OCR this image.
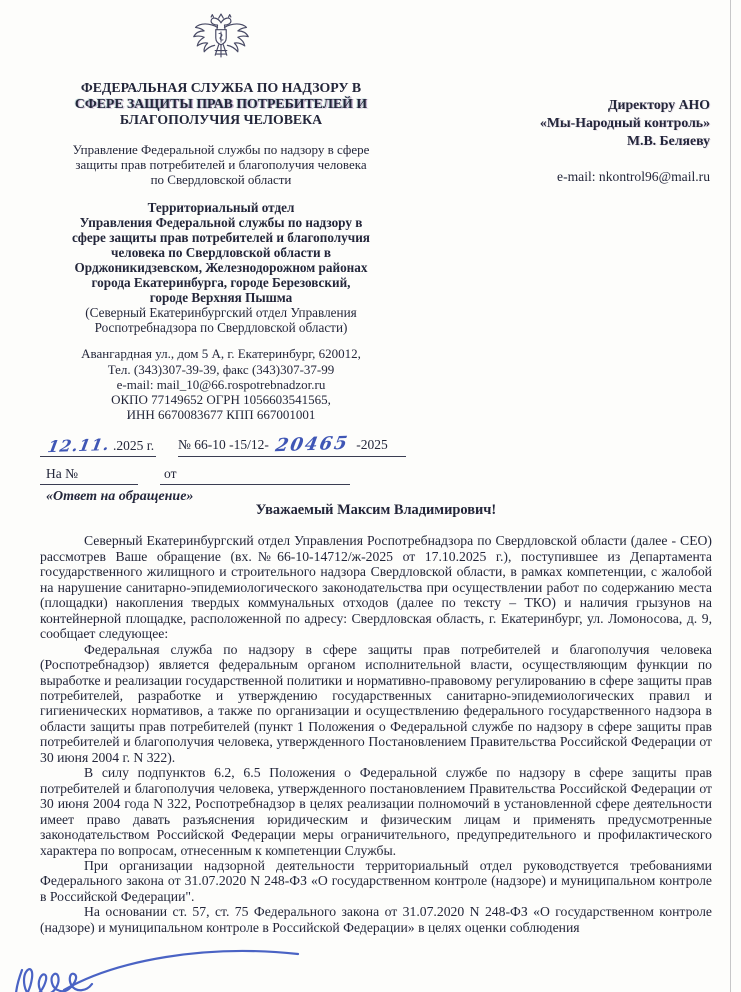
ФЕДЕРАЛЬНАЯ СЛУЖБА ПО НАДЗОРУ В
СФЕРЕ ЗАЩИТЫ ПРАВ ПОТРЕБИТЕЛЕЙ И
БЛАГОПОЛУЧИЯ ЧЕЛОВЕКА
Управление Федеральной службы по надзору в сфере
защиты прав потребителей и благополучия человека
по Свердловской области
Территориальный отдел
Управления Федеральной службы по надзору в
сфере защиты прав потребителей и благополучия
человека по Свердловской области в
Орджоникидзевском, Железнодорожном районах
города Екатеринбурга, городе Березовский,
городе Верхняя Пышма
(Северный Екатеринбургский отдел Управления
Роспотребнадзора по Свердловской области)
Авангардная ул., дом 5 А, г. Екатеринбург, 620012,
Тел. (343)307-39-39, факс (343)307-37-99
e-mail: mail_10@66.rospotrebnadzor.ru
ОКПО 77149652 ОГРН 1056603541565,
ИНН 6670083677 КПП 667001001
Директору АНО
«Мы-Народный контроль»
М.В. Беляеву
e-mail: nkontrol96@mail.ru
12.11. .2025 г. № 66-10 -15/12- 20465 -2025
На №	от
«Ответ на обращение»
Уважаемый Максим Владимирович!

Северный Екатеринбургский отдел Управления Роспотребнадзора по Свердловской области (далее - СЕО) рассмотрев Ваше обращение (вх.№66-10-14712/ж-2025 от 17.10.2025 г.), поступившее из Департамента государственного жилищного и строительного надзора Свердловской области, в рамках компетенции, с жалобой на нарушение санитарно-эпидемиологического законодательства при осуществлении работ по содержанию места (площадки) накопления твердых коммунальных отходов (далее по тексту – ТКО) и наличия грызунов на контейнерной площадке, расположенной по адресу: Свердловская область, г. Екатеринбург, ул. Ломоносова, д. 9, сообщает следующее:

Федеральная служба по надзору в сфере защиты прав потребителей и благополучия человека (Роспотребнадзор) является федеральным органом исполнительной власти, осуществляющим функции по выработке и реализации государственной политики и нормативно-правовому регулированию в сфере защиты прав потребителей, разработке и утверждению государственных санитарно-эпидемиологических правил и гигиенических нормативов, а также по организации и осуществлению федерального государственного надзора в области защиты прав потребителей (пункт 1 Положения о Федеральной службе по надзору в сфере защиты прав потребителей и благополучия человека, утвержденного Постановлением Правительства Российской Федерации от 30 июня 2004 г. N 322).

В силу подпунктов 6.2, 6.5 Положения о Федеральной службе по надзору в сфере защиты прав потребителей и благополучия человека, утвержденного постановлением Правительства Российской Федерации от 30 июня 2004 года N 322, Роспотребнадзор в целях реализации полномочий в установленной сфере деятельности имеет право давать разъяснения юридическим и физическим лицам и применять предусмотренные законодательством Российской Федерации меры ограничительного, предупредительного и профилактического характера по вопросам, отнесенным к компетенции Службы.

При организации надзорной деятельности территориальный отдел руководствуется требованиями Федерального закона от 31.07.2020 N 248-ФЗ «О государственном контроле (надзоре) и муниципальном контроле в Российской Федерации".

На основании ст. 57, ст. 75 Федерального закона от 31.07.2020 N 248-ФЗ «О государственном контроле (надзоре) и муниципальном контроле в Российской Федерации» в целях оценки соблюдения
